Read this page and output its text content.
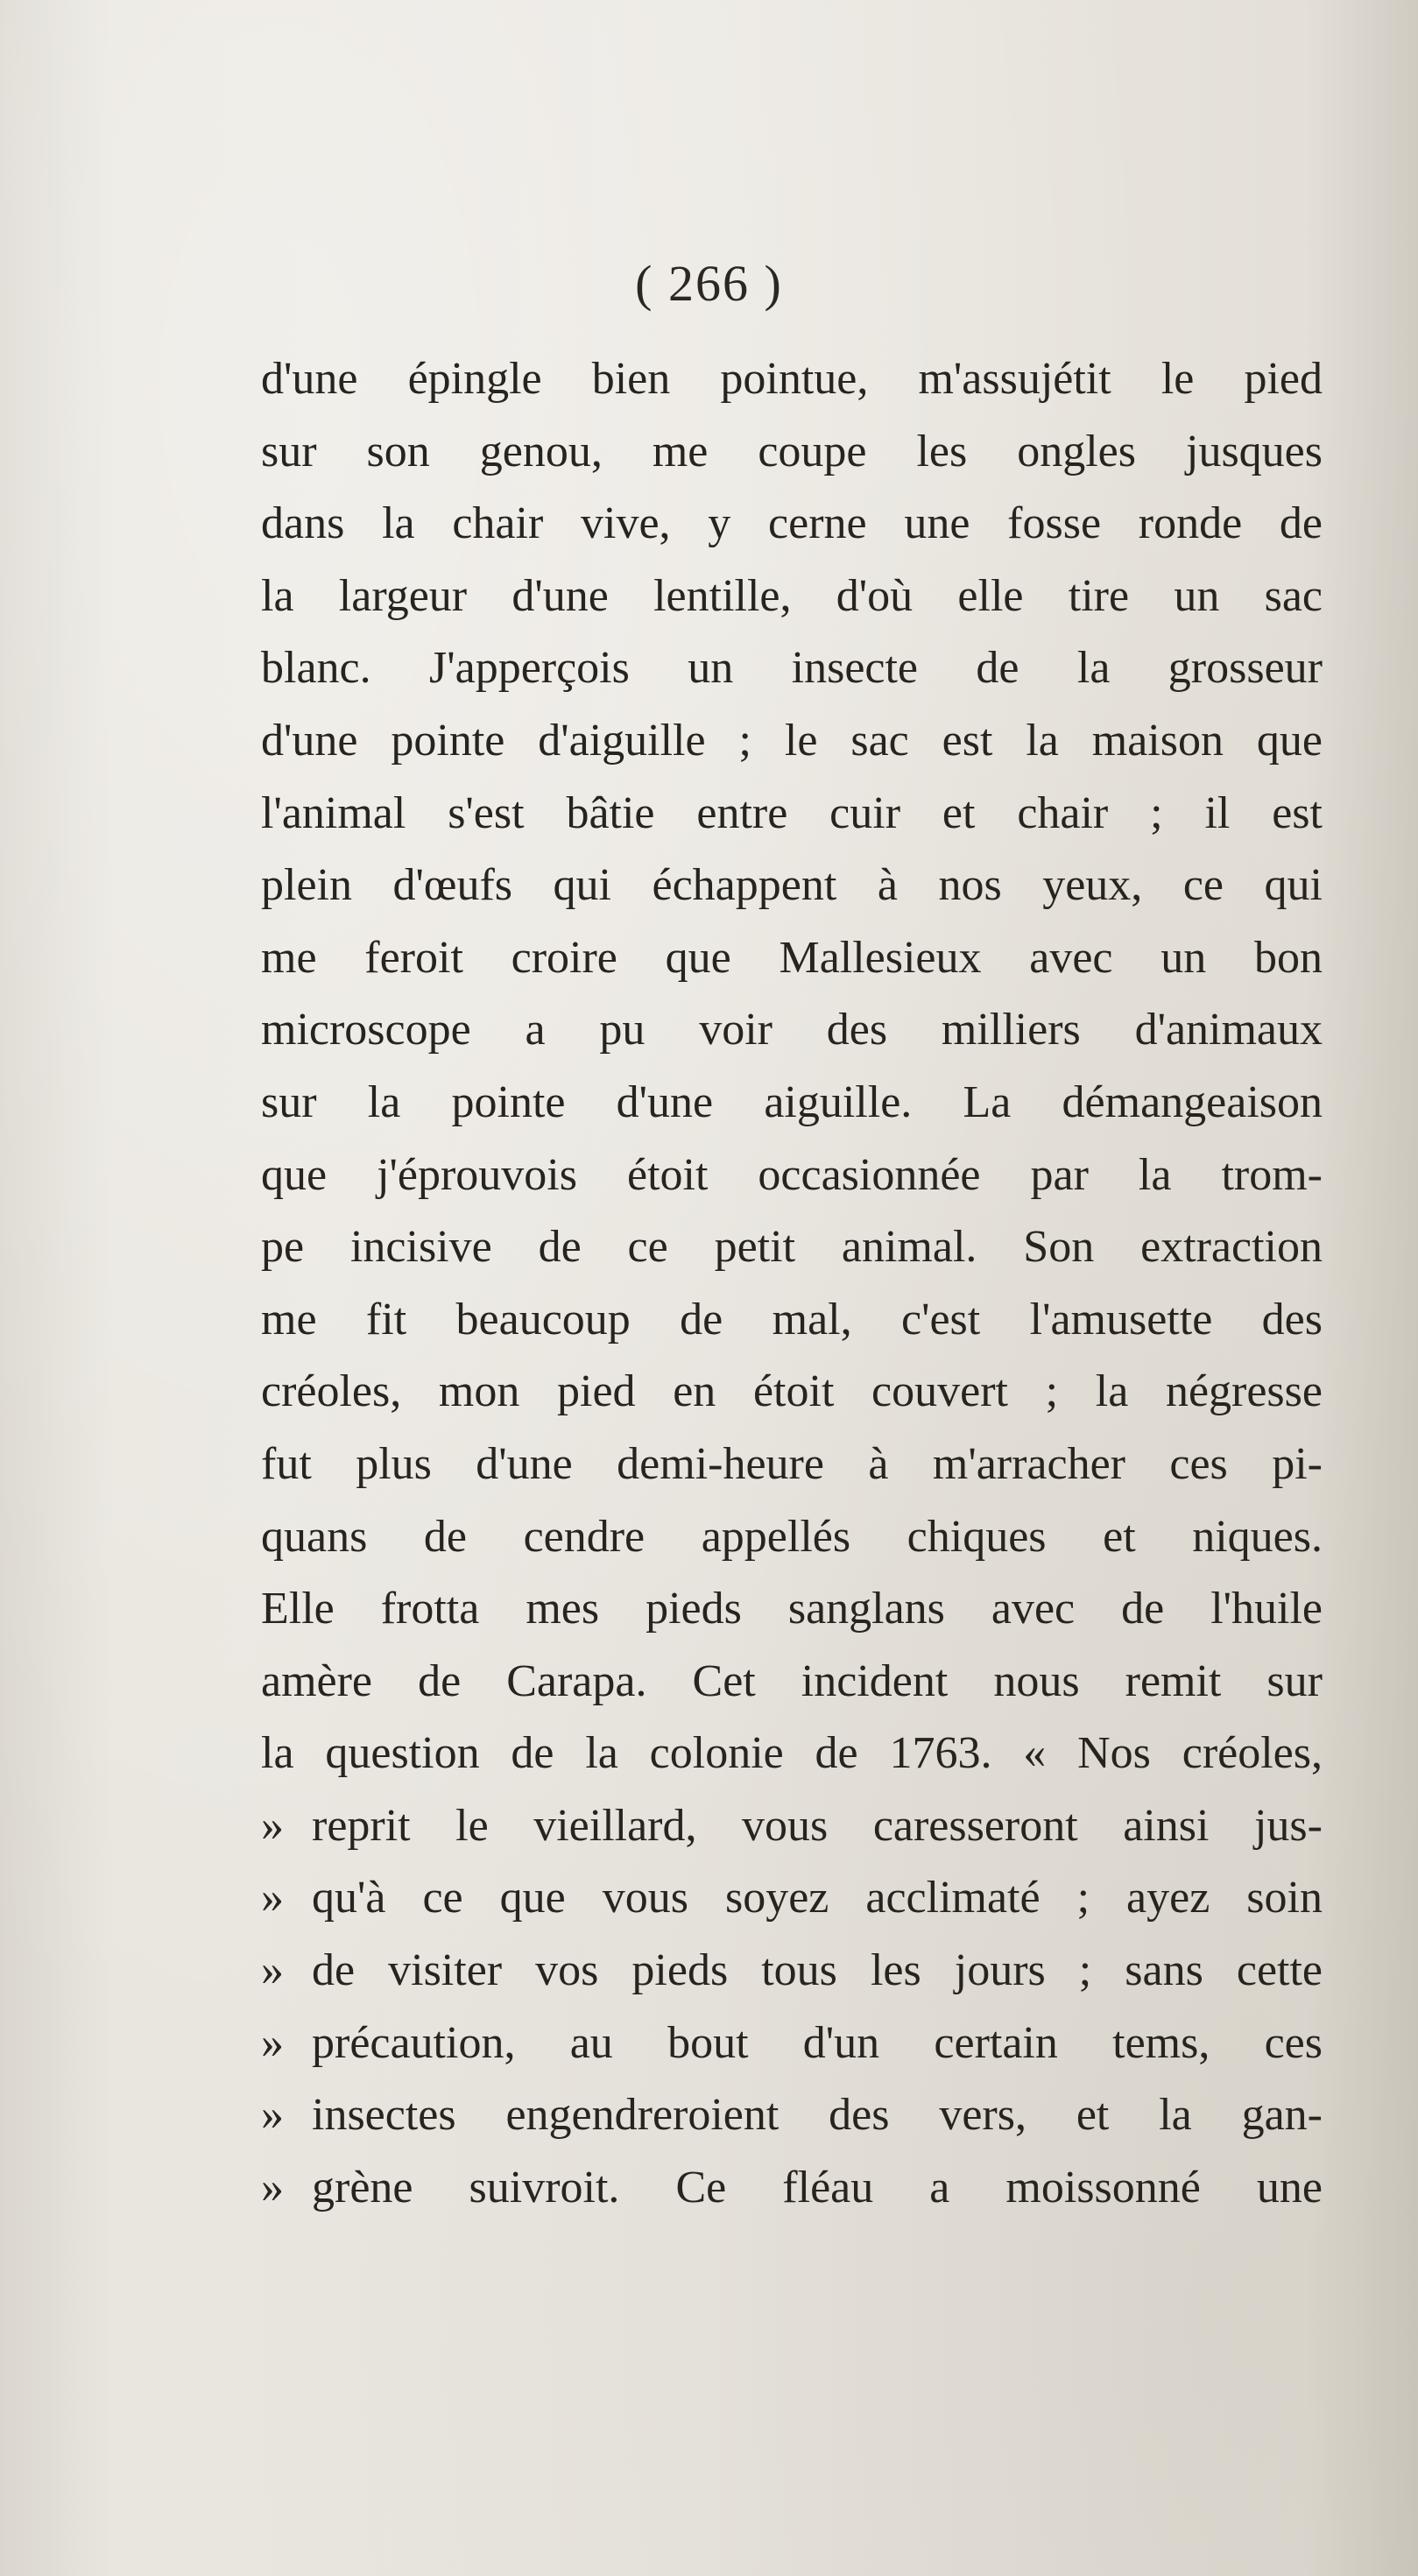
( 266 )
d'une épingle bien pointue, m'assujétit le pied
sur son genou, me coupe les ongles jusques
dans la chair vive, y cerne une fosse ronde de
la largeur d'une lentille, d'où elle tire un sac
blanc. J'apperçois un insecte de la grosseur
d'une pointe d'aiguille ; le sac est la maison que
l'animal s'est bâtie entre cuir et chair ; il est
plein d'œufs qui échappent à nos yeux, ce qui
me feroit croire que Mallesieux avec un bon
microscope a pu voir des milliers d'animaux
sur la pointe d'une aiguille. La démangeaison
que j'éprouvois étoit occasionnée par la trom-
pe incisive de ce petit animal. Son extraction
me fit beaucoup de mal, c'est l'amusette des
créoles, mon pied en étoit couvert ; la négresse
fut plus d'une demi-heure à m'arracher ces pi-
quans de cendre appellés chiques et niques.
Elle frotta mes pieds sanglans avec de l'huile
amère de Carapa. Cet incident nous remit sur
la question de la colonie de 1763. « Nos créoles,
» reprit le vieillard, vous caresseront ainsi jus-
» qu'à ce que vous soyez acclimaté ; ayez soin
» de visiter vos pieds tous les jours ; sans cette
» précaution, au bout d'un certain tems, ces
» insectes engendreroient des vers, et la gan-
» grène suivroit. Ce fléau a moissonné une
